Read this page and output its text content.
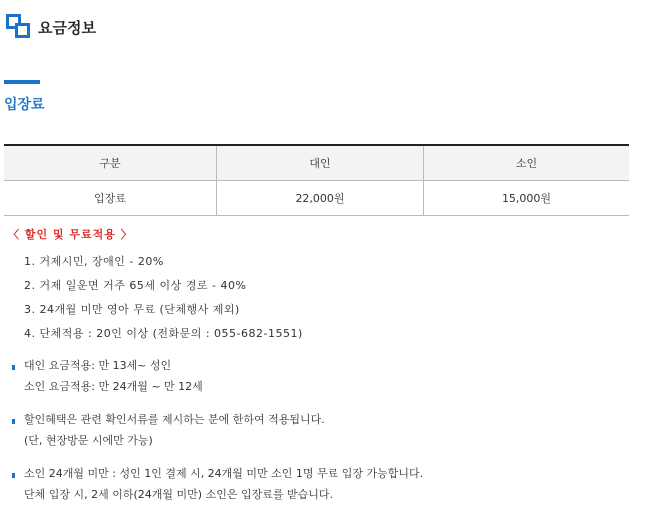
요금정보
입장료
구분	대인	소인
입장료	22,000원	15,000원
〈 할인 및 무료적용 〉
1. 거제시민, 장애인 - 20%
2. 거제 일운면 거주 65세 이상 경로 - 40%
3. 24개월 미만 영아 무료 (단체행사 제외)
4. 단체적용 : 20인 이상 (전화문의 : 055-682-1551)
대인 요금적용: 만 13세~ 성인
소인 요금적용: 만 24개월 ~ 만 12세
할인혜택은 관련 확인서류를 제시하는 분에 한하여 적용됩니다.
(단, 현장방문 시에만 가능)
소인 24개월 미만 : 성인 1인 결제 시, 24개월 미만 소인 1명 무료 입장 가능합니다.
단체 입장 시, 2세 이하(24개월 미만) 소인은 입장료를 받습니다.
